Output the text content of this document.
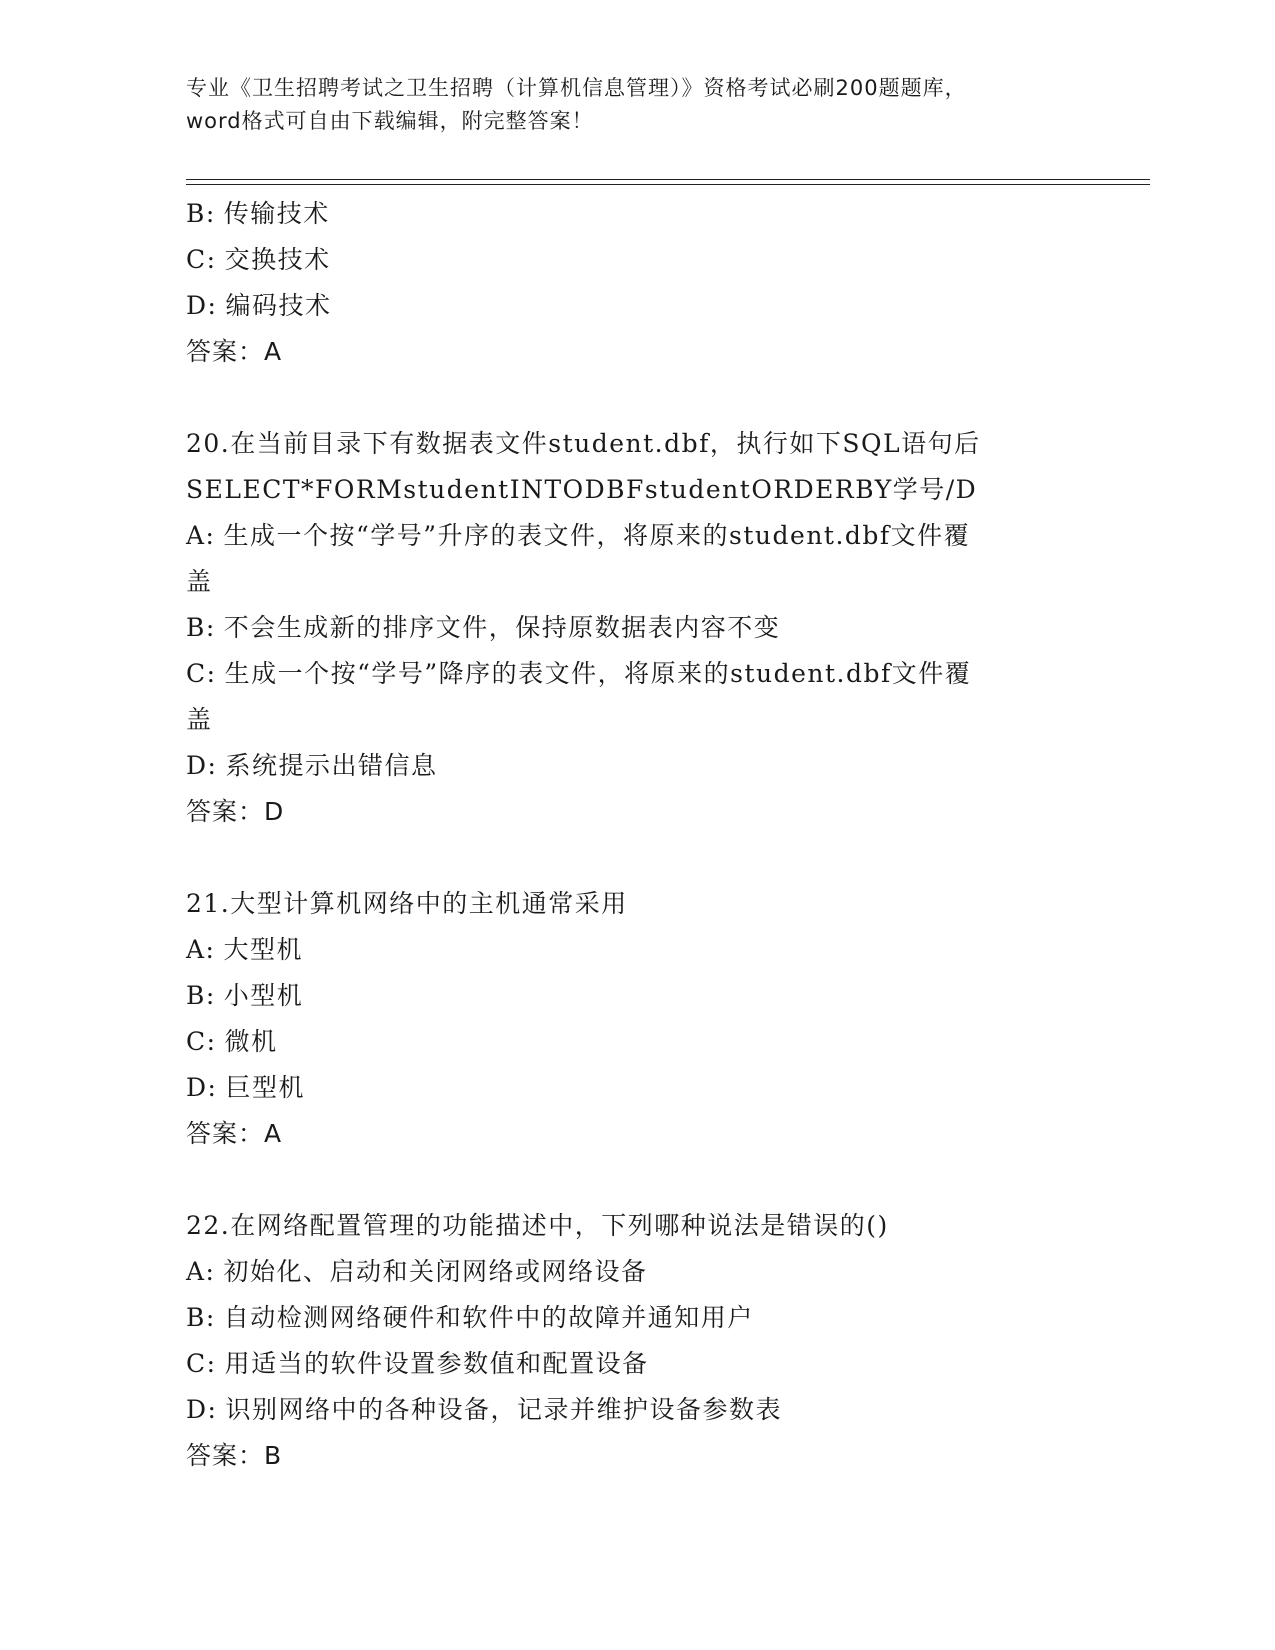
专业《卫生招聘考试之卫生招聘（计算机信息管理）》资格考试必刷200题题库，
word格式可自由下载编辑，附完整答案！
B: 传输技术
C: 交换技术
D: 编码技术
答案：A
20.在当前目录下有数据表文件student.dbf，执行如下SQL语句后
SELECT*FORMstudentINTODBFstudentORDERBY学号/D
A: 生成一个按“学号”升序的表文件，将原来的student.dbf文件覆
盖
B: 不会生成新的排序文件，保持原数据表内容不变
C: 生成一个按“学号”降序的表文件，将原来的student.dbf文件覆
盖
D: 系统提示出错信息
答案：D
21.大型计算机网络中的主机通常采用
A: 大型机
B: 小型机
C: 微机
D: 巨型机
答案：A
22.在网络配置管理的功能描述中，下列哪种说法是错误的()
A: 初始化、启动和关闭网络或网络设备
B: 自动检测网络硬件和软件中的故障并通知用户
C: 用适当的软件设置参数值和配置设备
D: 识别网络中的各种设备，记录并维护设备参数表
答案：B
